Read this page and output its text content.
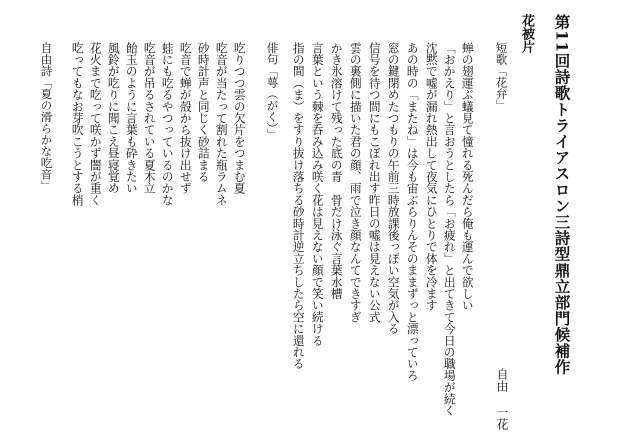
第11回詩歌トライアスロン三詩型鼎立部門候補作
花被片
自由一花
短歌「花弁」
蝉の翅運ぶ蟻見て憧れる死んだら俺も運んで欲しい
「おかえり」と言おうとしたら「お疲れ」と出てきて今日の職場が続く
沈黙で嘘が漏れ熱出して夜気にひとりで体を冷ます
あの時の「またね」は今も宙ぶらりんそのままずっと漂っていろ
窓の鍵閉めたつもりの午前三時放課後っぽい空気が入る
信号を待つ間にもこぼれ出す昨日の嘘は見えない公式
雲の裏側に描いた君の顔、雨で泣き顔なんてできすぎ
かき氷溶けて残った底の青　骨だけ泳ぐ言葉水槽
言葉という棘を呑み込み咲く花は見えない顔で笑い続ける
指の間（ま）をすり抜け落ちる砂時計逆立ちしたら空に還れる
俳句「萼（がく）」
吃りつつ雲の欠片をつまむ夏
吃音が当たって割れた瓶ラムネ
砂時計声と同じく砂詰まる
吃音で蝉が殻から抜け出せず
蛙にも吃るやつっているのかな
吃音が吊るされている夏木立
飴玉のように言葉も砕きたい
風鈴が吃りに聞こえ昼寝覚め
花火まで吃って咲かず闇が重く
吃ってもなお芽吹こうとする梢
自由詩「夏の滑らかな吃音」
